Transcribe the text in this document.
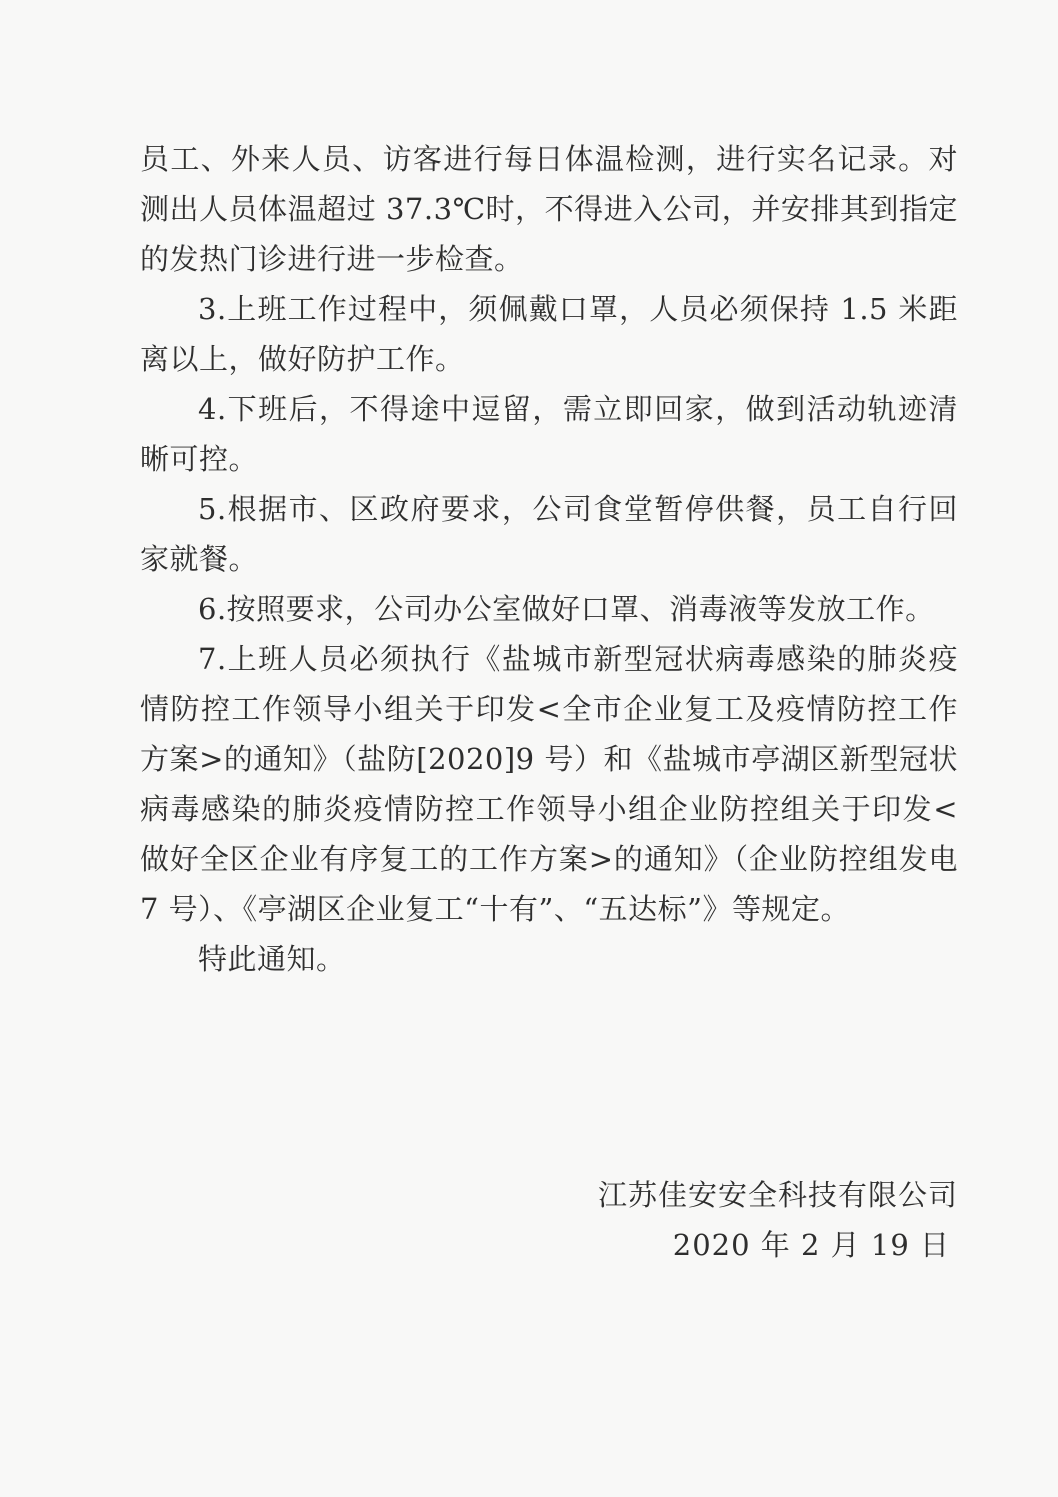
员工、外来人员、访客进行每日体温检测，进行实名记录。对测出人员体温超过 37.3℃时，不得进入公司，并安排其到指定的发热门诊进行进一步检查。

3.上班工作过程中，须佩戴口罩，人员必须保持 1.5 米距离以上，做好防护工作。

4.下班后，不得途中逗留，需立即回家，做到活动轨迹清晰可控。

5.根据市、区政府要求，公司食堂暂停供餐，员工自行回家就餐。

6.按照要求，公司办公室做好口罩、消毒液等发放工作。

7.上班人员必须执行《盐城市新型冠状病毒感染的肺炎疫情防控工作领导小组关于印发<全市企业复工及疫情防控工作方案>的通知》（盐防[2020]9 号）和《盐城市亭湖区新型冠状病毒感染的肺炎疫情防控工作领导小组企业防控组关于印发<做好全区企业有序复工的工作方案>的通知》（企业防控组发电 7 号）、《亭湖区企业复工“十有”、“五达标”》等规定。

特此通知。

江苏佳安安全科技有限公司

2020 年 2 月 19 日
